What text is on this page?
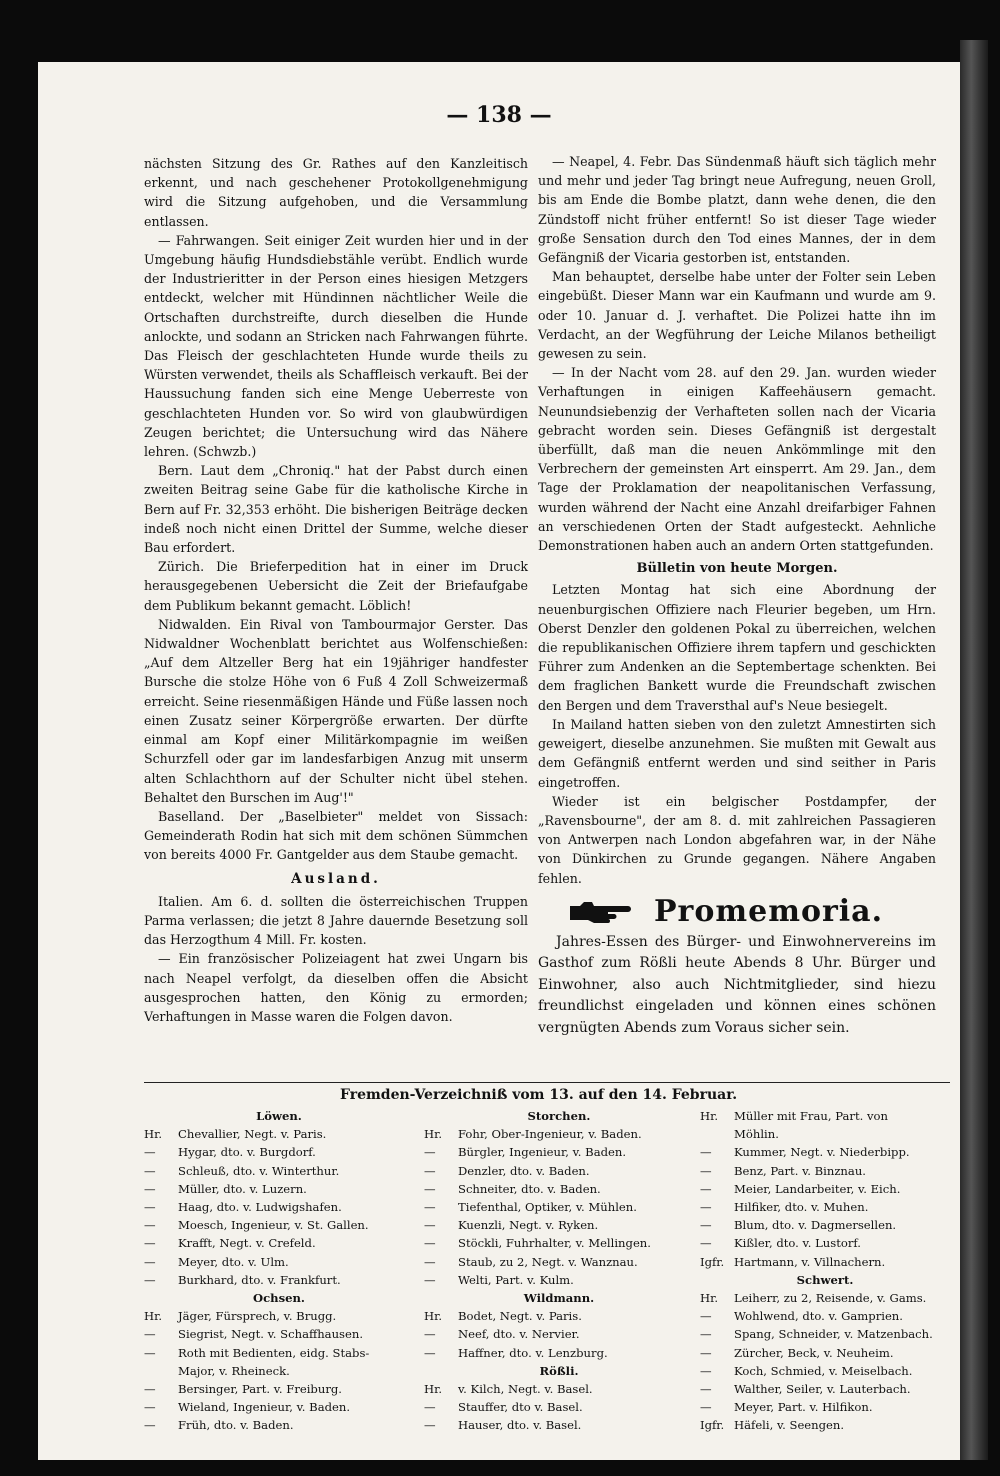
— 138 —

nächsten Sitzung des Gr. Rathes auf den Kanzleitisch erkennt, und nach geschehener Protokollgenehmigung wird die Sitzung aufgehoben, und die Versammlung entlassen.

— Fahrwangen. Seit einiger Zeit wurden hier und in der Umgebung häufig Hundsdiebstähle verübt. Endlich wurde der Industrieritter in der Person eines hiesigen Metzgers entdeckt, welcher mit Hündinnen nächtlicher Weile die Ortschaften durchstreifte, durch dieselben die Hunde anlockte, und sodann an Stricken nach Fahrwangen führte. Das Fleisch der geschlachteten Hunde wurde theils zu Würsten verwendet, theils als Schaffleisch verkauft. Bei der Haussuchung fanden sich eine Menge Ueberreste von geschlachteten Hunden vor. So wird von glaubwürdigen Zeugen berichtet; die Untersuchung wird das Nähere lehren. (Schwzb.)

Bern. Laut dem „Chroniq." hat der Pabst durch einen zweiten Beitrag seine Gabe für die katholische Kirche in Bern auf Fr. 32,353 erhöht. Die bisherigen Beiträge decken indeß noch nicht einen Drittel der Summe, welche dieser Bau erfordert.

Zürich. Die Brieferpedition hat in einer im Druck herausgegebenen Uebersicht die Zeit der Briefaufgabe dem Publikum bekannt gemacht. Löblich!

Nidwalden. Ein Rival von Tambourmajor Gerster. Das Nidwaldner Wochenblatt berichtet aus Wolfenschießen: „Auf dem Altzeller Berg hat ein 19jähriger handfester Bursche die stolze Höhe von 6 Fuß 4 Zoll Schweizermaß erreicht. Seine riesenmäßigen Hände und Füße lassen noch einen Zusatz seiner Körpergröße erwarten. Der dürfte einmal am Kopf einer Militärkompagnie im weißen Schurzfell oder gar im landesfarbigen Anzug mit unserm alten Schlachthorn auf der Schulter nicht übel stehen. Behaltet den Burschen im Aug'!"

Baselland. Der „Baselbieter" meldet von Sissach: Gemeinderath Rodin hat sich mit dem schönen Sümmchen von bereits 4000 Fr. Gantgelder aus dem Staube gemacht.

Ausland.

Italien. Am 6. d. sollten die österreichischen Truppen Parma verlassen; die jetzt 8 Jahre dauernde Besetzung soll das Herzogthum 4 Mill. Fr. kosten.

— Ein französischer Polizeiagent hat zwei Ungarn bis nach Neapel verfolgt, da dieselben offen die Absicht ausgesprochen hatten, den König zu ermorden; Verhaftungen in Masse waren die Folgen davon.

— Neapel, 4. Febr. Das Sündenmaß häuft sich täglich mehr und mehr und jeder Tag bringt neue Aufregung, neuen Groll, bis am Ende die Bombe platzt, dann wehe denen, die den Zündstoff nicht früher entfernt! So ist dieser Tage wieder große Sensation durch den Tod eines Mannes, der in dem Gefängniß der Vicaria gestorben ist, entstanden.

Man behauptet, derselbe habe unter der Folter sein Leben eingebüßt. Dieser Mann war ein Kaufmann und wurde am 9. oder 10. Januar d. J. verhaftet. Die Polizei hatte ihn im Verdacht, an der Wegführung der Leiche Milanos betheiligt gewesen zu sein.

— In der Nacht vom 28. auf den 29. Jan. wurden wieder Verhaftungen in einigen Kaffeehäusern gemacht. Neunundsiebenzig der Verhafteten sollen nach der Vicaria gebracht worden sein. Dieses Gefängniß ist dergestalt überfüllt, daß man die neuen Ankömmlinge mit den Verbrechern der gemeinsten Art einsperrt. Am 29. Jan., dem Tage der Proklamation der neapolitanischen Verfassung, wurden während der Nacht eine Anzahl dreifarbiger Fahnen an verschiedenen Orten der Stadt aufgesteckt. Aehnliche Demonstrationen haben auch an andern Orten stattgefunden.

Bülletin von heute Morgen.

Letzten Montag hat sich eine Abordnung der neuenburgischen Offiziere nach Fleurier begeben, um Hrn. Oberst Denzler den goldenen Pokal zu überreichen, welchen die republikanischen Offiziere ihrem tapfern und geschickten Führer zum Andenken an die Septembertage schenkten. Bei dem fraglichen Bankett wurde die Freundschaft zwischen den Bergen und dem Traversthal auf's Neue besiegelt.

In Mailand hatten sieben von den zuletzt Amnestirten sich geweigert, dieselbe anzunehmen. Sie mußten mit Gewalt aus dem Gefängniß entfernt werden und sind seither in Paris eingetroffen.

Wieder ist ein belgischer Postdampfer, der „Ravensbourne", der am 8. d. mit zahlreichen Passagieren von Antwerpen nach London abgefahren war, in der Nähe von Dünkirchen zu Grunde gegangen. Nähere Angaben fehlen.

Promemoria.

Jahres-Essen des Bürger- und Einwohnervereins im Gasthof zum Rößli heute Abends 8 Uhr. Bürger und Einwohner, also auch Nichtmitglieder, sind hiezu freundlichst eingeladen und können eines schönen vergnügten Abends zum Voraus sicher sein.

Fremden-Verzeichniß vom 13. auf den 14. Februar.
Löwen.
Hr. Chevallier, Negt. v. Paris.
— Hygar, dto. v. Burgdorf.
— Schleuß, dto. v. Winterthur.
— Müller, dto. v. Luzern.
— Haag, dto. v. Ludwigshafen.
— Moesch, Ingenieur, v. St. Gallen.
— Krafft, Negt. v. Crefeld.
— Meyer, dto. v. Ulm.
— Burkhard, dto. v. Frankfurt.
Ochsen.
Hr. Jäger, Fürsprech, v. Brugg.
— Siegrist, Negt. v. Schaffhausen.
— Roth mit Bedienten, eidg. Stabs-
Major, v. Rheineck.
— Bersinger, Part. v. Freiburg.
— Wieland, Ingenieur, v. Baden.
— Früh, dto. v. Baden.
Storchen.
Hr. Fohr, Ober-Ingenieur, v. Baden.
— Bürgler, Ingenieur, v. Baden.
— Denzler, dto. v. Baden.
— Schneiter, dto. v. Baden.
— Tiefenthal, Optiker, v. Mühlen.
— Kuenzli, Negt. v. Ryken.
— Stöckli, Fuhrhalter, v. Mellingen.
— Staub, zu 2, Negt. v. Wanznau.
— Welti, Part. v. Kulm.
Wildmann.
Hr. Bodet, Negt. v. Paris.
— Neef, dto. v. Nervier.
— Haffner, dto. v. Lenzburg.
Rößli.
Hr. v. Kilch, Negt. v. Basel.
— Stauffer, dto v. Basel.
— Hauser, dto. v. Basel.
Hr. Müller mit Frau, Part. von
Möhlin.
— Kummer, Negt. v. Niederbipp.
— Benz, Part. v. Binznau.
— Meier, Landarbeiter, v. Eich.
— Hilfiker, dto. v. Muhen.
— Blum, dto. v. Dagmersellen.
— Kißler, dto. v. Lustorf.
Igfr. Hartmann, v. Villnachern.
Schwert.
Hr. Leiherr, zu 2, Reisende, v. Gams.
— Wohlwend, dto. v. Gamprien.
— Spang, Schneider, v. Matzenbach.
— Zürcher, Beck, v. Neuheim.
— Koch, Schmied, v. Meiselbach.
— Walther, Seiler, v. Lauterbach.
— Meyer, Part. v. Hilfikon.
Igfr. Häfeli, v. Seengen.
